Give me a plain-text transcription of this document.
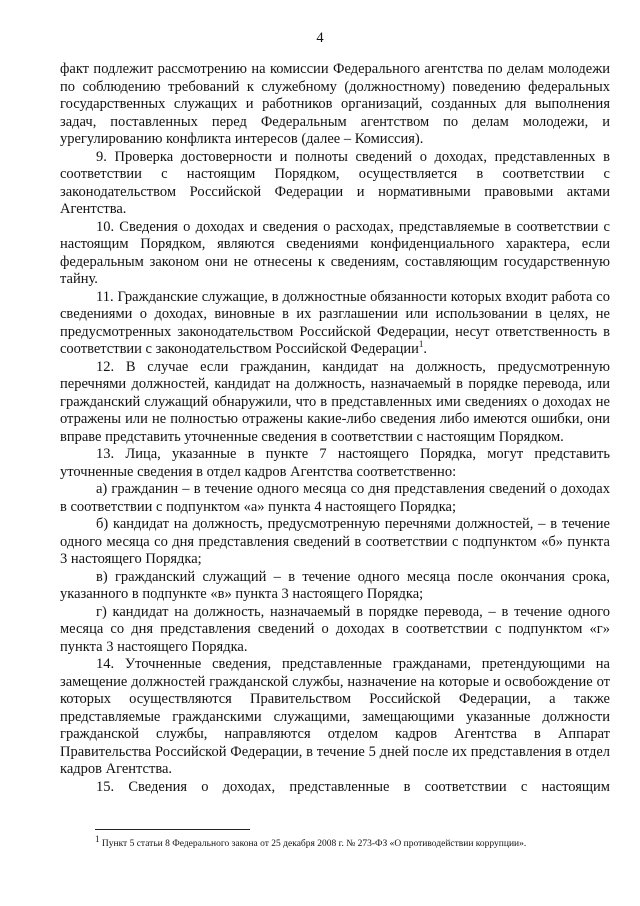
4

факт подлежит рассмотрению на комиссии Федерального агентства по делам молодежи по соблюдению требований к служебному (должностному) поведению федеральных государственных служащих и работников организаций, созданных для выполнения задач, поставленных перед Федеральным агентством по делам молодежи, и урегулированию конфликта интересов (далее – Комиссия).

9. Проверка достоверности и полноты сведений о доходах, представленных в соответствии с настоящим Порядком, осуществляется в соответствии с законодательством Российской Федерации и нормативными правовыми актами Агентства.

10. Сведения о доходах и сведения о расходах, представляемые в соответствии с настоящим Порядком, являются сведениями конфиденциального характера, если федеральным законом они не отнесены к сведениям, составляющим государственную тайну.

11. Гражданские служащие, в должностные обязанности которых входит работа со сведениями о доходах, виновные в их разглашении или использовании в целях, не предусмотренных законодательством Российской Федерации, несут ответственность в соответствии с законодательством Российской Федерации$^1$.

12. В случае если гражданин, кандидат на должность, предусмотренную перечнями должностей, кандидат на должность, назначаемый в порядке перевода, или гражданский служащий обнаружили, что в представленных ими сведениях о доходах не отражены или не полностью отражены какие-либо сведения либо имеются ошибки, они вправе представить уточненные сведения в соответствии с настоящим Порядком.

13. Лица, указанные в пункте 7 настоящего Порядка, могут представить уточненные сведения в отдел кадров Агентства соответственно:

а) гражданин – в течение одного месяца со дня представления сведений о доходах в соответствии с подпунктом «а» пункта 4 настоящего Порядка;

б) кандидат на должность, предусмотренную перечнями должностей, – в течение одного месяца со дня представления сведений в соответствии с подпунктом «б» пункта 3 настоящего Порядка;

в) гражданский служащий – в течение одного месяца после окончания срока, указанного в подпункте «в» пункта 3 настоящего Порядка;

г) кандидат на должность, назначаемый в порядке перевода, – в течение одного месяца со дня представления сведений о доходах в соответствии с подпунктом «г» пункта 3 настоящего Порядка.

14. Уточненные сведения, представленные гражданами, претендующими на замещение должностей гражданской службы, назначение на которые и освобождение от которых осуществляются Правительством Российской Федерации, а также представляемые гражданскими служащими, замещающими указанные должности гражданской службы, направляются отделом кадров Агентства в Аппарат Правительства Российской Федерации, в течение 5 дней после их представления в отдел кадров Агентства.

15. Сведения о доходах, представленные в соответствии с настоящим

$^1$ Пункт 5 статьи 8 Федерального закона от 25 декабря 2008 г. № 273-ФЗ «О противодействии коррупции».
